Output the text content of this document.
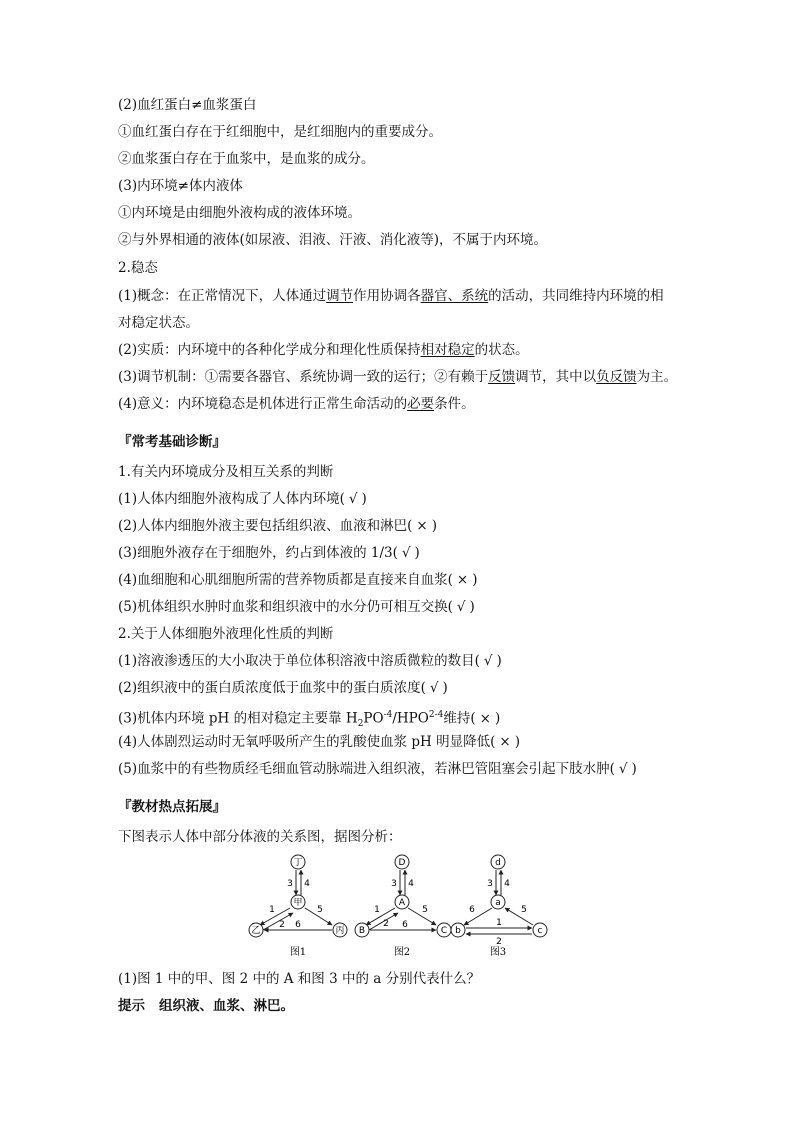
(2)血红蛋白≠血浆蛋白
①血红蛋白存在于红细胞中，是红细胞内的重要成分。
②血浆蛋白存在于血浆中，是血浆的成分。
(3)内环境≠体内液体
①内环境是由细胞外液构成的液体环境。
②与外界相通的液体(如尿液、泪液、汗液、消化液等)，不属于内环境。
2.稳态
(1)概念：在正常情况下，人体通过调节作用协调各器官、系统的活动，共同维持内环境的相
对稳定状态。
(2)实质：内环境中的各种化学成分和理化性质保持相对稳定的状态。
(3)调节机制：①需要各器官、系统协调一致的运行；②有赖于反馈调节，其中以负反馈为主。
(4)意义：内环境稳态是机体进行正常生命活动的必要条件。
『常考基础诊断』
1.有关内环境成分及相互关系的判断
(1)人体内细胞外液构成了人体内环境( √ )
(2)人体内细胞外液主要包括组织液、血液和淋巴( × )
(3)细胞外液存在于细胞外，约占到体液的 1/3( √ )
(4)血细胞和心肌细胞所需的营养物质都是直接来自血浆( × )
(5)机体组织水肿时血浆和组织液中的水分仍可相互交换( √ )
2.关于人体细胞外液理化性质的判断
(1)溶液渗透压的大小取决于单位体积溶液中溶质微粒的数目( √ )
(2)组织液中的蛋白质浓度低于血浆中的蛋白质浓度( √ )
(3)机体内环境 pH 的相对稳定主要靠 $H_2PO^{-4}/HPO^{2-4}$维持( × )
(4)人体剧烈运动时无氧呼吸所产生的乳酸使血浆 pH 明显降低( × )
(5)血浆中的有些物质经毛细血管动脉端进入组织液，若淋巴管阻塞会引起下肢水肿( √ )
『教材热点拓展』
下图表示人体中部分体液的关系图，据图分析：
丁
甲
乙	丙
3 4
1
2
5
6
图1
D
A
B	C
3 4
1
2
5
6
图2
d
a
b	c
3 4
6	5
1
2
图3
(1)图 1 中的甲、图 2 中的 A 和图 3 中的 a 分别代表什么？
提示 组织液、血浆、淋巴。
